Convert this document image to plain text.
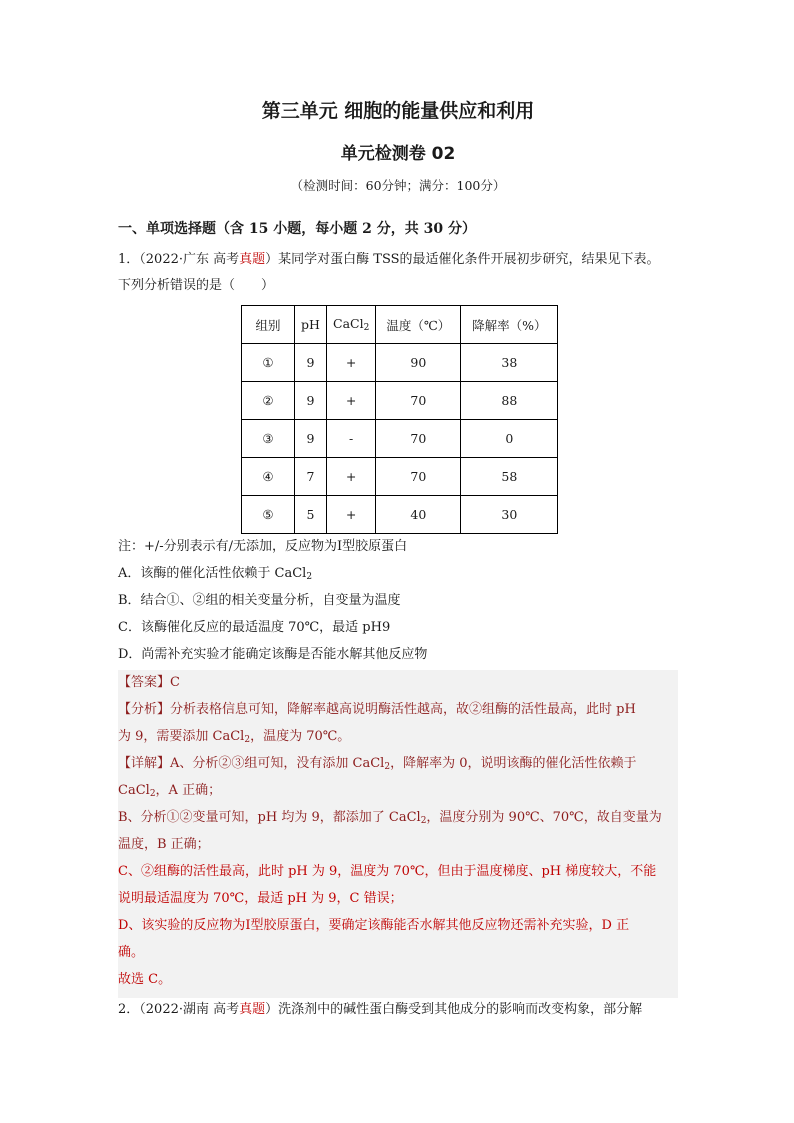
第三单元 细胞的能量供应和利用
单元检测卷 02
（检测时间：60分钟；满分：100分）
一、单项选择题（含 15 小题，每小题 2 分，共 30 分）
1．（2022·广东 高考真题）某同学对蛋白酶 TSS的最适催化条件开展初步研究，结果见下表。
下列分析错误的是（　　）
组别	pH	CaCl$_2$	温度（℃）	降解率（%）
①	9	+	90	38
②	9	+	70	88
③	9	-	70	0
④	7	+	70	58
⑤	5	+	40	30
注：+/-分别表示有/无添加，反应物为Ⅰ型胶原蛋白
A．该酶的催化活性依赖于 CaCl$_2$
B．结合①、②组的相关变量分析，自变量为温度
C．该酶催化反应的最适温度 70℃，最适 pH9
D．尚需补充实验才能确定该酶是否能水解其他反应物
【答案】C
【分析】分析表格信息可知，降解率越高说明酶活性越高，故②组酶的活性最高，此时 pH
为 9，需要添加 CaCl$_2$，温度为 70℃。
【详解】A、分析②③组可知，没有添加 CaCl$_2$，降解率为 0，说明该酶的催化活性依赖于
CaCl$_2$，A 正确；
B、分析①②变量可知，pH 均为 9，都添加了 CaCl$_2$，温度分别为 90℃、70℃，故自变量为
温度，B 正确；
C、②组酶的活性最高，此时 pH 为 9，温度为 70℃，但由于温度梯度、pH 梯度较大，不能
说明最适温度为 70℃，最适 pH 为 9，C 错误；
D、该实验的反应物为Ⅰ型胶原蛋白，要确定该酶能否水解其他反应物还需补充实验，D 正
确。
故选 C。
2．（2022·湖南 高考真题）洗涤剂中的碱性蛋白酶受到其他成分的影响而改变构象，部分解
